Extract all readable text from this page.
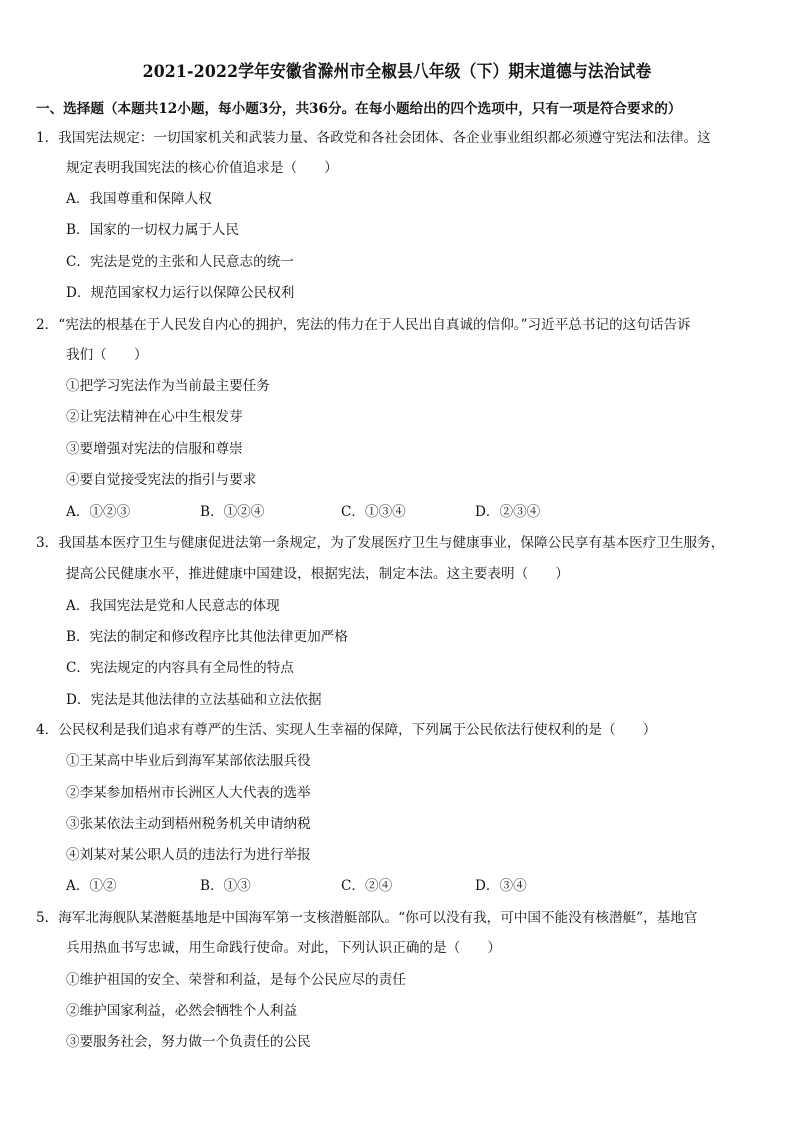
2021-2022学年安徽省滁州市全椒县八年级（下）期末道德与法治试卷
一、选择题（本题共12小题，每小题3分，共36分。在每小题给出的四个选项中，只有一项是符合要求的）
1．我国宪法规定：一切国家机关和武装力量、各政党和各社会团体、各企业事业组织都必须遵守宪法和法律。这
规定表明我国宪法的核心价值追求是（　　）
A．我国尊重和保障人权
B．国家的一切权力属于人民
C．宪法是党的主张和人民意志的统一
D．规范国家权力运行以保障公民权利
2．“宪法的根基在于人民发自内心的拥护，宪法的伟力在于人民出自真诚的信仰。”习近平总书记的这句话告诉
我们（　　）
①把学习宪法作为当前最主要任务
②让宪法精神在心中生根发芽
③要增强对宪法的信服和尊崇
④要自觉接受宪法的指引与要求
A．①②③	B．①②④	C．①③④	D．②③④
3．我国基本医疗卫生与健康促进法第一条规定，为了发展医疗卫生与健康事业，保障公民享有基本医疗卫生服务，
提高公民健康水平，推进健康中国建设，根据宪法，制定本法。这主要表明（　　）
A．我国宪法是党和人民意志的体现
B．宪法的制定和修改程序比其他法律更加严格
C．宪法规定的内容具有全局性的特点
D．宪法是其他法律的立法基础和立法依据
4．公民权利是我们追求有尊严的生活、实现人生幸福的保障，下列属于公民依法行使权利的是（　　）
①王某高中毕业后到海军某部依法服兵役
②李某参加梧州市长洲区人大代表的选举
③张某依法主动到梧州税务机关申请纳税
④刘某对某公职人员的违法行为进行举报
A．①②	B．①③	C．②④	D．③④
5．海军北海舰队某潜艇基地是中国海军第一支核潜艇部队。“你可以没有我，可中国不能没有核潜艇”，基地官
兵用热血书写忠诚，用生命践行使命。对此，下列认识正确的是（　　）
①维护祖国的安全、荣誉和利益，是每个公民应尽的责任
②维护国家利益，必然会牺牲个人利益
③要服务社会，努力做一个负责任的公民
